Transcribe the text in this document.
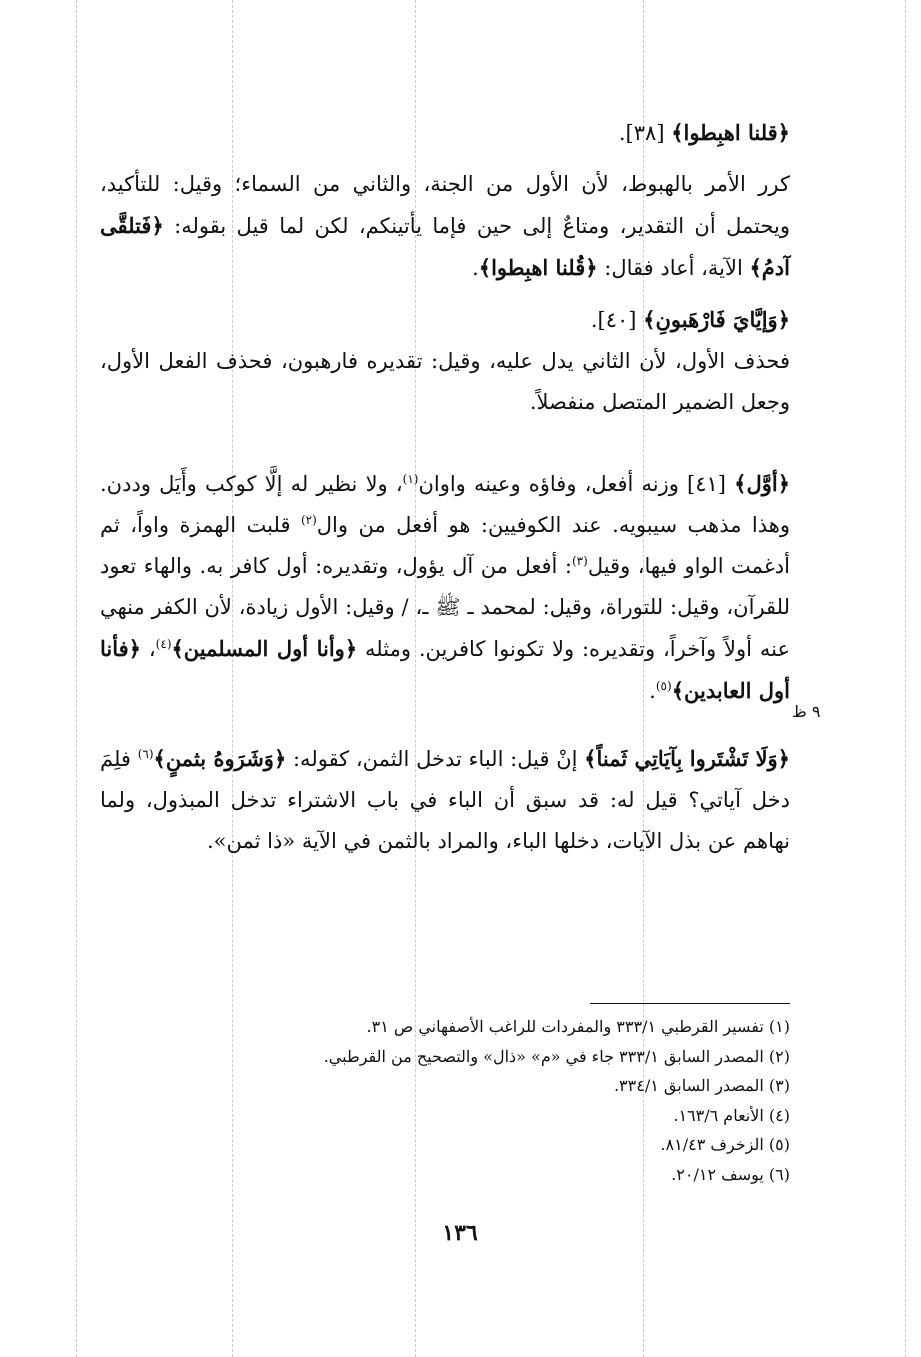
﴿قلنا اهبِطوا﴾ [٣٨].

كرر الأمر بالهبوط، لأن الأول من الجنة، والثاني من السماء؛ وقيل: للتأكيد، ويحتمل أن التقدير، ومتاعٌ إلى حين فإما يأتينكم، لكن لما قيل بقوله: ﴿فَتلقَّى آدمُ﴾ الآية، أعاد فقال: ﴿قُلنا اهبِطوا﴾.

﴿وَإيَّايَ فَارْهَبونِ﴾ [٤٠].

فحذف الأول، لأن الثاني يدل عليه، وقيل: تقديره فارهبون، فحذف الفعل الأول، وجعل الضمير المتصل منفصلاً.

﴿أوَّل﴾ [٤١] وزنه أفعل، وفاؤه وعينه واوان$^{(١)}$، ولا نظير له إلَّا كوكب وأَيَل وددن. وهذا مذهب سيبويه. عند الكوفيين: هو أفعل من وال$^{(٢)}$ قلبت الهمزة واواً، ثم أدغمت الواو فيها، وقيل$^{(٣)}$: أفعل من آل يؤول، وتقديره: أول كافر به. والهاء تعود للقرآن، وقيل: للتوراة، وقيل: لمحمد ـ ﷺ ـ، / وقيل: الأول زيادة، لأن الكفر منهي عنه أولاً وآخراً، وتقديره: ولا تكونوا كافرين. ومثله ﴿وأنا أول المسلمين﴾$^{(٤)}$، ﴿فأنا أول العابدين﴾$^{(٥)}$.

﴿وَلَا تَشْتَروا بِآيَاتِي ثَمناً﴾ إنْ قيل: الباء تدخل الثمن، كقوله: ﴿وَشَرَوهُ بثمنٍ﴾$^{(٦)}$ فلِمَ دخل آياتي؟ قيل له: قد سبق أن الباء في باب الاشتراء تدخل المبذول، ولما نهاهم عن بذل الآيات، دخلها الباء، والمراد بالثمن في الآية «ذا ثمن».

٩ ظ

(١) تفسير القرطبي ٣٣٣/١ والمفردات للراغب الأصفهاني ص ٣١.

(٢) المصدر السابق ٣٣٣/١ جاء في «م» «ذال» والتصحيح من القرطبي.

(٣) المصدر السابق ٣٣٤/١.

(٤) الأنعام ١٦٣/٦.

(٥) الزخرف ٨١/٤٣.

(٦) يوسف ٢٠/١٢.

١٣٦
